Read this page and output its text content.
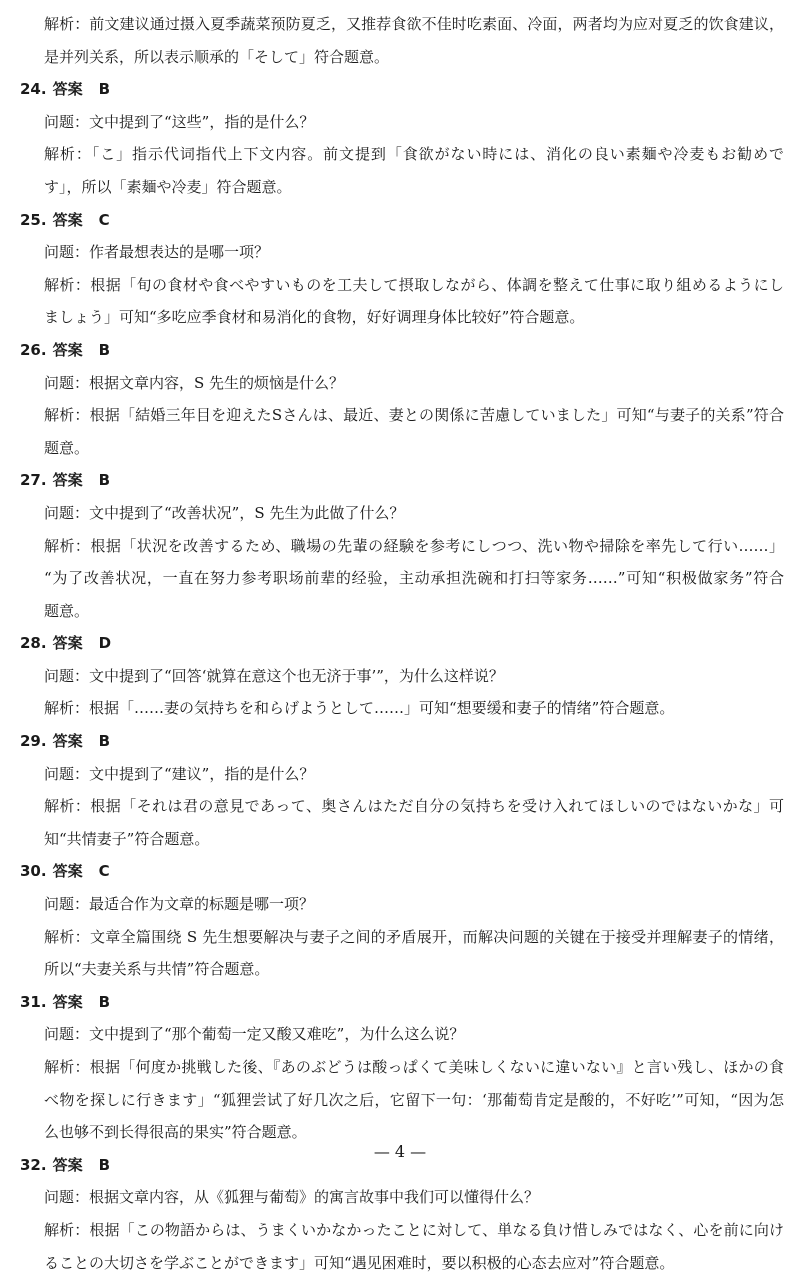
解析：前文建议通过摄入夏季蔬菜预防夏乏，又推荐食欲不佳时吃素面、冷面，两者均为应对夏乏的饮食建议，
是并列关系，所以表示顺承的「そして」符合题意。
24. 答案 B
问题：文中提到了“这些”，指的是什么？
解析：「こ」指示代词指代上下文内容。前文提到「食欲がない時には、消化の良い素麺や冷麦もお勧めで
す」，所以「素麺や冷麦」符合题意。
25. 答案 C
问题：作者最想表达的是哪一项？
解析：根据「旬の食材や食べやすいものを工夫して摂取しながら、体調を整えて仕事に取り組めるようにし
ましょう」可知“多吃应季食材和易消化的食物，好好调理身体比较好”符合题意。
26. 答案 B
问题：根据文章内容，S 先生的烦恼是什么？
解析：根据「結婚三年目を迎えたSさんは、最近、妻との関係に苦慮していました」可知“与妻子的关系”符合
题意。
27. 答案 B
问题：文中提到了“改善状况”，S 先生为此做了什么？
解析：根据「状況を改善するため、職場の先輩の経験を参考にしつつ、洗い物や掃除を率先して行い……」
“为了改善状况，一直在努力参考职场前辈的经验，主动承担洗碗和打扫等家务……”可知“积极做家务”符合
题意。
28. 答案 D
问题：文中提到了“回答‘就算在意这个也无济于事’”，为什么这样说？
解析：根据「……妻の気持ちを和らげようとして……」可知“想要缓和妻子的情绪”符合题意。
29. 答案 B
问题：文中提到了“建议”，指的是什么？
解析：根据「それは君の意見であって、奥さんはただ自分の気持ちを受け入れてほしいのではないかな」可
知“共情妻子”符合题意。
30. 答案 C
问题：最适合作为文章的标题是哪一项？
解析：文章全篇围绕 S 先生想要解决与妻子之间的矛盾展开，而解决问题的关键在于接受并理解妻子的情绪，
所以“夫妻关系与共情”符合题意。
31. 答案 B
问题：文中提到了“那个葡萄一定又酸又难吃”，为什么这么说？
解析：根据「何度か挑戦した後、『あのぶどうは酸っぱくて美味しくないに違いない』と言い残し、ほかの食
べ物を探しに行きます」“狐狸尝试了好几次之后，它留下一句：‘那葡萄肯定是酸的，不好吃’”可知，“因为怎
么也够不到长得很高的果实”符合题意。
32. 答案 B
问题：根据文章内容，从《狐狸与葡萄》的寓言故事中我们可以懂得什么？
解析：根据「この物語からは、うまくいかなかったことに対して、単なる負け惜しみではなく、心を前に向け
ることの大切さを学ぶことができます」可知“遇见困难时，要以积极的心态去应对”符合题意。
— 4 —
